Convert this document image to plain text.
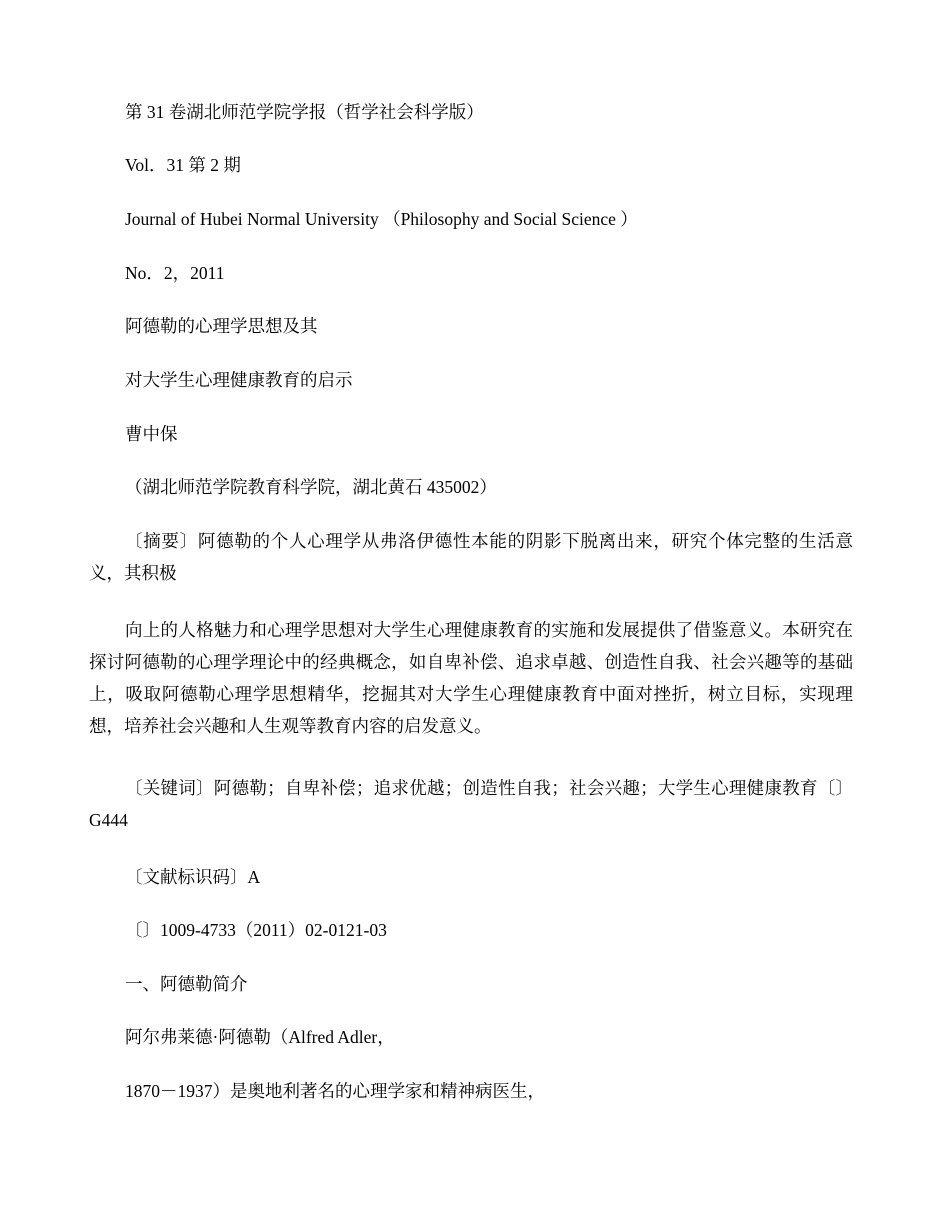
第 31 卷湖北师范学院学报（哲学社会科学版）

Vol．31 第 2 期

Journal of Hubei Normal University （Philosophy and Social Science ）

No．2，2011

阿德勒的心理学思想及其

对大学生心理健康教育的启示

曹中保

（湖北师范学院教育科学院，湖北黄石 435002）

〔摘要〕阿德勒的个人心理学从弗洛伊德性本能的阴影下脱离出来，研究个体完整的生活意义，其积极

向上的人格魅力和心理学思想对大学生心理健康教育的实施和发展提供了借鉴意义。本研究在探讨阿德勒的心理学理论中的经典概念，如自卑补偿、追求卓越、创造性自我、社会兴趣等的基础上，吸取阿德勒心理学思想精华，挖掘其对大学生心理健康教育中面对挫折，树立目标，实现理想，培养社会兴趣和人生观等教育内容的启发意义。

〔关键词〕阿德勒；自卑补偿；追求优越；创造性自我；社会兴趣；大学生心理健康教育〔〕G444

〔文献标识码〕A

〔〕1009-4733（2011）02-0121-03

一、阿德勒简介

阿尔弗莱德·阿德勒（Alfred Adler，

1870－1937）是奥地利著名的心理学家和精神病医生，
